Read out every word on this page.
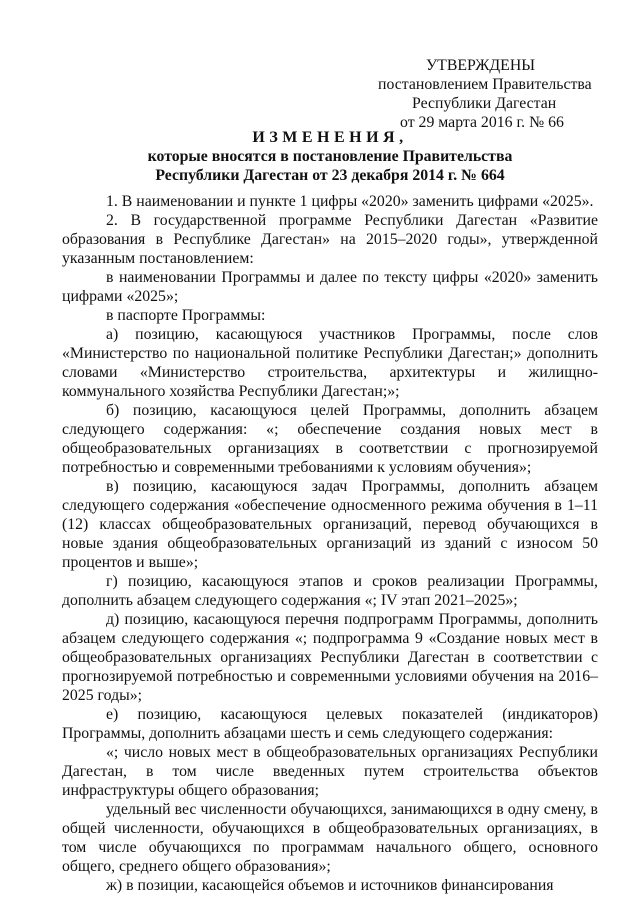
УТВЕРЖДЕНЫ
постановлением Правительства
Республики Дагестан
от 29 марта 2016 г. № 66
ИЗМЕНЕНИЯ,
которые вносятся в постановление Правительства
Республики Дагестан от 23 декабря 2014 г. № 664

1. В наименовании и пункте 1 цифры «2020» заменить цифрами «2025».

2. В государственной программе Республики Дагестан «Развитие образования в Республике Дагестан» на 2015–2020 годы», утвержденной указанным постановлением:

в наименовании Программы и далее по тексту цифры «2020» заменить цифрами «2025»;

в паспорте Программы:

а) позицию, касающуюся участников Программы, после слов «Министерство по национальной политике Республики Дагестан;» дополнить словами «Министерство строительства, архитектуры и жилищно-коммунального хозяйства Республики Дагестан;»;

б) позицию, касающуюся целей Программы, дополнить абзацем следующего содержания: «; обеспечение создания новых мест в общеобразовательных организациях в соответствии с прогнозируемой потребностью и современными требованиями к условиям обучения»;

в) позицию, касающуюся задач Программы, дополнить абзацем следующего содержания «обеспечение односменного режима обучения в 1–11 (12) классах общеобразовательных организаций, перевод обучающихся в новые здания общеобразовательных организаций из зданий с износом 50 процентов и выше»;

г) позицию, касающуюся этапов и сроков реализации Программы, дополнить абзацем следующего содержания «; IV этап 2021–2025»;

д) позицию, касающуюся перечня подпрограмм Программы, дополнить абзацем следующего содержания «; подпрограмма 9 «Создание новых мест в общеобразовательных организациях Республики Дагестан в соответствии с прогнозируемой потребностью и современными условиями обучения на 2016–2025 годы»;

е) позицию, касающуюся целевых показателей (индикаторов) Программы, дополнить абзацами шесть и семь следующего содержания:

«; число новых мест в общеобразовательных организациях Республики Дагестан, в том числе введенных путем строительства объектов инфраструктуры общего образования;

удельный вес численности обучающихся, занимающихся в одну смену, в общей численности, обучающихся в общеобразовательных организациях, в том числе обучающихся по программам начального общего, основного общего, среднего общего образования»;

ж) в позиции, касающейся объемов и источников финансирования
